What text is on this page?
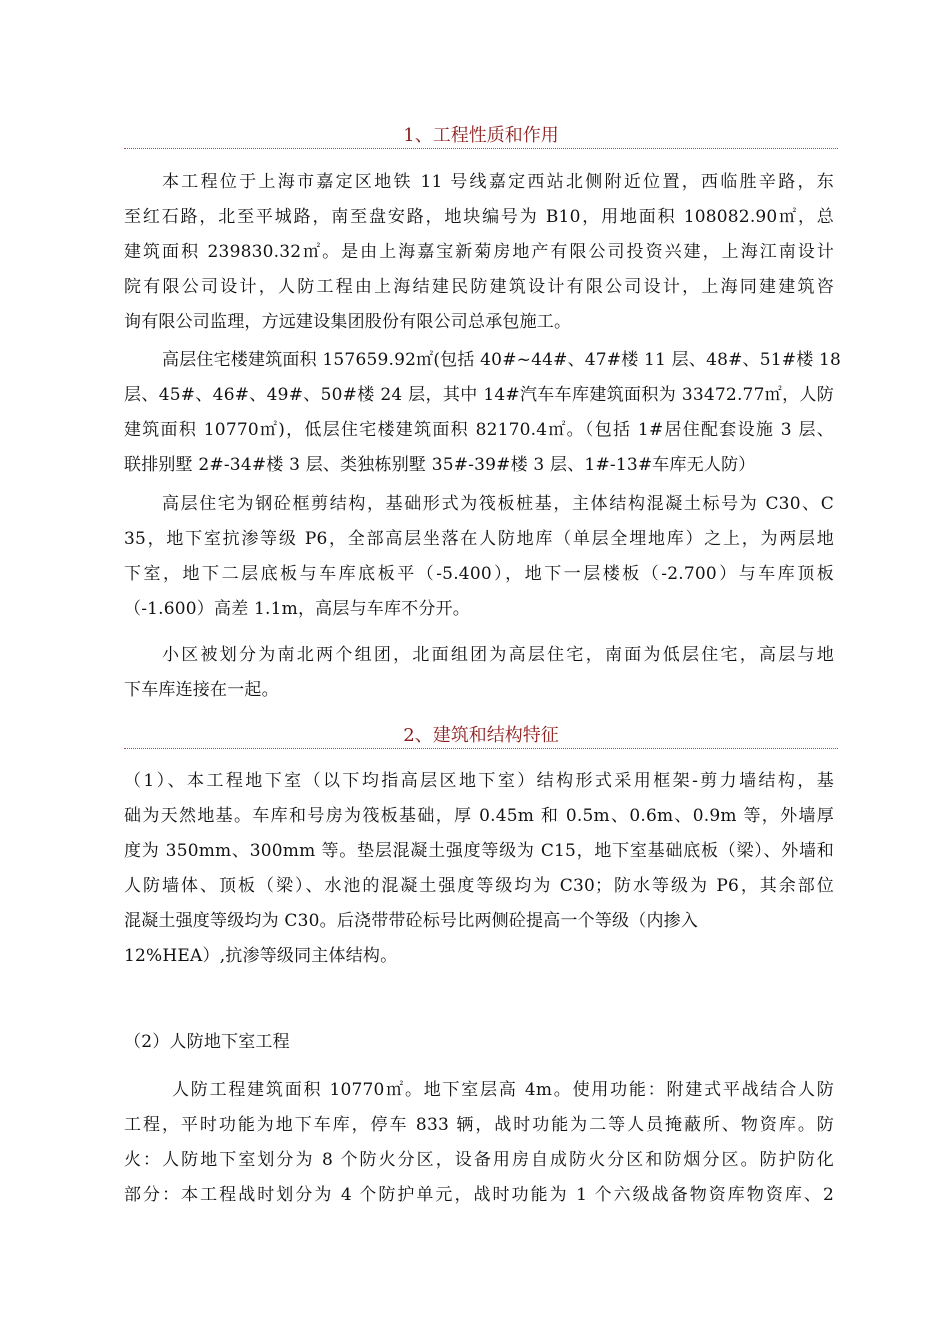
1、工程性质和作用
本工程位于上海市嘉定区地铁 11 号线嘉定西站北侧附近位置，西临胜辛路，东
至红石路，北至平城路，南至盘安路，地块编号为 B10，用地面积 108082.90㎡，总
建筑面积 239830.32㎡。是由上海嘉宝新菊房地产有限公司投资兴建，上海江南设计
院有限公司设计，人防工程由上海结建民防建筑设计有限公司设计，上海同建建筑咨
询有限公司监理，方远建设集团股份有限公司总承包施工。
高层住宅楼建筑面积 157659.92㎡(包括 40#~44#、47#楼 11 层、48#、51#楼 18
层、45#、46#、49#、50#楼 24 层，其中 14#汽车车库建筑面积为 33472.77㎡，人防
建筑面积 10770㎡)，低层住宅楼建筑面积 82170.4㎡。（包括 1#居住配套设施 3 层、
联排别墅 2#-34#楼 3 层、类独栋别墅 35#-39#楼 3 层、1#-13#车库无人防）
高层住宅为钢砼框剪结构，基础形式为筏板桩基，主体结构混凝土标号为 C30、C
35，地下室抗渗等级 P6，全部高层坐落在人防地库（单层全埋地库）之上，为两层地
下室，地下二层底板与车库底板平（-5.400），地下一层楼板（-2.700）与车库顶板
（-1.600）高差 1.1m，高层与车库不分开。
小区被划分为南北两个组团，北面组团为高层住宅，南面为低层住宅，高层与地
下车库连接在一起。
2、建筑和结构特征
（1）、本工程地下室（以下均指高层区地下室）结构形式采用框架-剪力墙结构，基
础为天然地基。车库和号房为筏板基础，厚 0.45m 和 0.5m、0.6m、0.9m 等，外墙厚
度为 350mm、300mm 等。垫层混凝土强度等级为 C15，地下室基础底板（梁）、外墙和
人防墙体、顶板（梁）、水池的混凝土强度等级均为 C30；防水等级为 P6，其余部位
混凝土强度等级均为 C30。后浇带带砼标号比两侧砼提高一个等级（内掺入
12%HEA）,抗渗等级同主体结构。
（2）人防地下室工程
人防工程建筑面积 10770㎡。地下室层高 4m。使用功能：附建式平战结合人防
工程，平时功能为地下车库，停车 833 辆，战时功能为二等人员掩蔽所、物资库。防
火：人防地下室划分为 8 个防火分区，设备用房自成防火分区和防烟分区。防护防化
部分：本工程战时划分为 4 个防护单元，战时功能为 1 个六级战备物资库物资库、2
